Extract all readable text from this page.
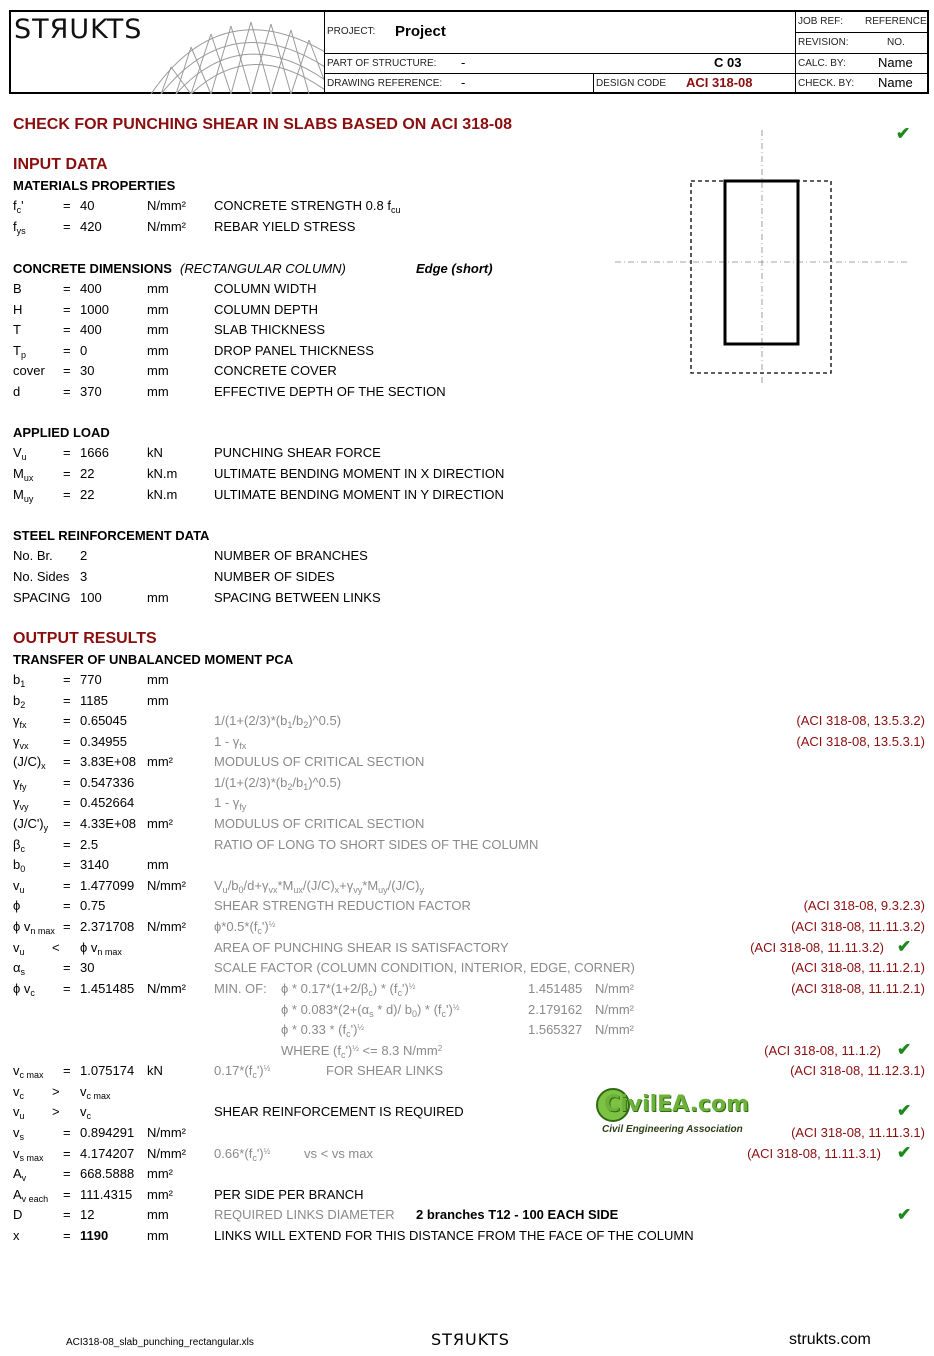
STЯUKTS	PROJECT: Project
PART OF STRUCTURE: -	C 03
DRAWING REFERENCE: -	DESIGN CODE ACI 318-08
JOB REF: REFERENCE
REVISION:	NO.
CALC. BY: Name
CHECK. BY: Name
CHECK FOR PUNCHING SHEAR IN SLABS BASED ON ACI 318-08	✔
INPUT DATA
MATERIALS PROPERTIES
$f_c'$	= 40	N/mm² CONCRETE STRENGTH 0.8 $f_{cu}$
$f_{ys}$	= 420	N/mm² REBAR YIELD STRESS
CONCRETE DIMENSIONS (RECTANGULAR COLUMN)	Edge (short)
B	= 400	mm	COLUMN WIDTH
H	= 1000	mm	COLUMN DEPTH
T	= 400	mm	SLAB THICKNESS
$T_p$	= 0	mm	DROP PANEL THICKNESS
cover = 30	mm	CONCRETE COVER
d	= 370	mm	EFFECTIVE DEPTH OF THE SECTION
APPLIED LOAD
$V_u$	= 1666	kN	PUNCHING SHEAR FORCE
$M_{ux} = 22$	kN.m	ULTIMATE BENDING MOMENT IN X DIRECTION
$M_{uy} = 22$	kN.m	ULTIMATE BENDING MOMENT IN Y DIRECTION
STEEL REINFORCEMENT DATA
No. Br. 2	NUMBER OF BRANCHES
No. Sides 3	NUMBER OF SIDES
SPACING 100	mm	SPACING BETWEEN LINKS
OUTPUT RESULTS
TRANSFER OF UNBALANCED MOMENT PCA
$b_1$	= 770	mm
$b_2$	= 1185	mm
$\gamma_{fx}$	= 0.65045	$1/(1+(2/3)*(b_1/b_2)\^{}0.5)$	(ACI 318-08, 13.5.3.2)
$\gamma_{vx}$	= 0.34955	$1 - \gamma_{fx}$	(ACI 318-08, 13.5.3.1)
$(J/C)_x = 3.83E+08$ mm²	MODULUS OF CRITICAL SECTION
$\gamma_{fy}$	= 0.547336	$1/(1+(2/3)*(b_2/b_1)\^{}0.5)$
$\gamma_{vy}$	= 0.452664	$1 - \gamma_{fy}$
$(J/C')_y = 4.33E+08$ mm²	MODULUS OF CRITICAL SECTION
$\beta_c$	= 2.5	RATIO OF LONG TO SHORT SIDES OF THE COLUMN
$b_0$	= 3140	mm
$v_u$	= 1.477099 N/mm² $V_u/b_0/d+\gamma_{vx}*M_{ux}/(J/C)_x+\gamma_{vy}*M_{uy}/(J/C)_y$
ϕ	= 0.75	SHEAR STRENGTH REDUCTION FACTOR	(ACI 318-08, 9.3.2.3)
ϕ $v_{n max} = 2.371708$ N/mm² $\phi*0.5*(f_c')^{\frac{1}{2}}$	(ACI 318-08, 11.11.3.2)
$v_u < \phi$ $v_{n max}$	AREA OF PUNCHING SHEAR IS SATISFACTORY	(ACI 318-08, 11.11.3.2) ✔
$\alpha_s$	= 30	SCALE FACTOR (COLUMN CONDITION, INTERIOR, EDGE, CORNER)	(ACI 318-08, 11.11.2.1)
ϕ $v_c = 1.451485$ N/mm² MIN. OF: $\phi * 0.17*(1+2/\beta_c) * (f_c')^{\frac{1}{2}}$	1.451485 N/mm²	(ACI 318-08, 11.11.2.1)
$\phi * 0.083*(2+(\alpha_s * d)/$ $b_0) * (f_c')^{\frac{1}{2}}$	2.179162 N/mm²
ϕ * $0.33 * (f_c')^{\frac{1}{2}}$	1.565327 N/mm²
WHERE $(f_c')^{\frac{1}{2}} <= 8.3$ $N/mm^2$	(ACI 318-08, 11.1.2) ✔
$v_{c max} = 1.075174$ kN	$0.17*(f_c')^{\frac{1}{2}}$	FOR SHEAR LINKS	(ACI 318-08, 11.12.3.1)
$v_c > v_{c max}$
$v_u > v_c$	SHEAR REINFORCEMENT IS REQUIRED	✔
CivilEA.com
Civil Engineering Association
$v_s$	= 0.894291 N/mm²	(ACI 318-08, 11.11.3.1)
$v_{s max} = 4.174207$ N/mm² $0.66*(f_c')^{\frac{1}{2}}$	vs < vs max	(ACI 318-08, 11.11.3.1) ✔
$A_v$	= 668.5888 mm²
$A_{v each} = 111.4315$ mm²	PER SIDE PER BRANCH
D	= 12	mm	REQUIRED LINKS DIAMETER 2 branches T12 - 100 EACH SIDE	✔
x	= 1190	mm	LINKS WILL EXTEND FOR THIS DISTANCE FROM THE FACE OF THE COLUMN
ACI318-08_slab_punching_rectangular.xls	STЯUKTS	strukts.com
